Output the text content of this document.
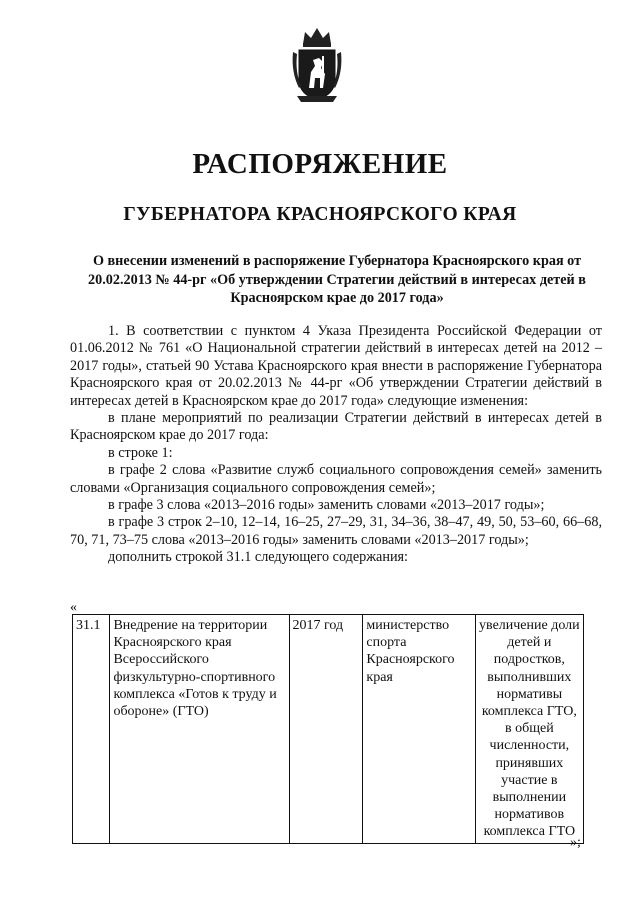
РАСПОРЯЖЕНИЕ
ГУБЕРНАТОРА КРАСНОЯРСКОГО КРАЯ
О внесении изменений в распоряжение Губернатора Красноярского края от 20.02.2013 № 44-рг «Об утверждении Стратегии действий в интересах детей в Красноярском крае до 2017 года»

1. В соответствии с пунктом 4 Указа Президента Российской Федерации от 01.06.2012 № 761 «О Национальной стратегии действий в интересах детей на 2012 – 2017 годы», статьей 90 Устава Красноярского края внести в распоряжение Губернатора Красноярского края от 20.02.2013 № 44-рг «Об утверждении Стратегии действий в интересах детей в Красноярском крае до 2017 года» следующие изменения:

в плане мероприятий по реализации Стратегии действий в интересах детей в Красноярском крае до 2017 года:

в строке 1:

в графе 2 слова «Развитие служб социального сопровождения семей» заменить словами «Организация социального сопровождения семей»;

в графе 3 слова «2013–2016 годы» заменить словами «2013–2017 годы»;

в графе 3 строк 2–10, 12–14, 16–25, 27–29, 31, 34–36, 38–47, 49, 50, 53–60, 66–68, 70, 71, 73–75 слова «2013–2016 годы» заменить словами «2013–2017 годы»;

дополнить строкой 31.1 следующего содержания:

«
31.1	Внедрение на территории Красноярского края Всероссийского физкультурно-спортивного комплекса «Готов к труду и обороне» (ГТО)	2017 год	министерство спорта Красноярского края	увеличение доли детей и подростков, выполнивших нормативы комплекса ГТО, в общей численности, принявших участие в выполнении нормативов комплекса ГТО
»;
